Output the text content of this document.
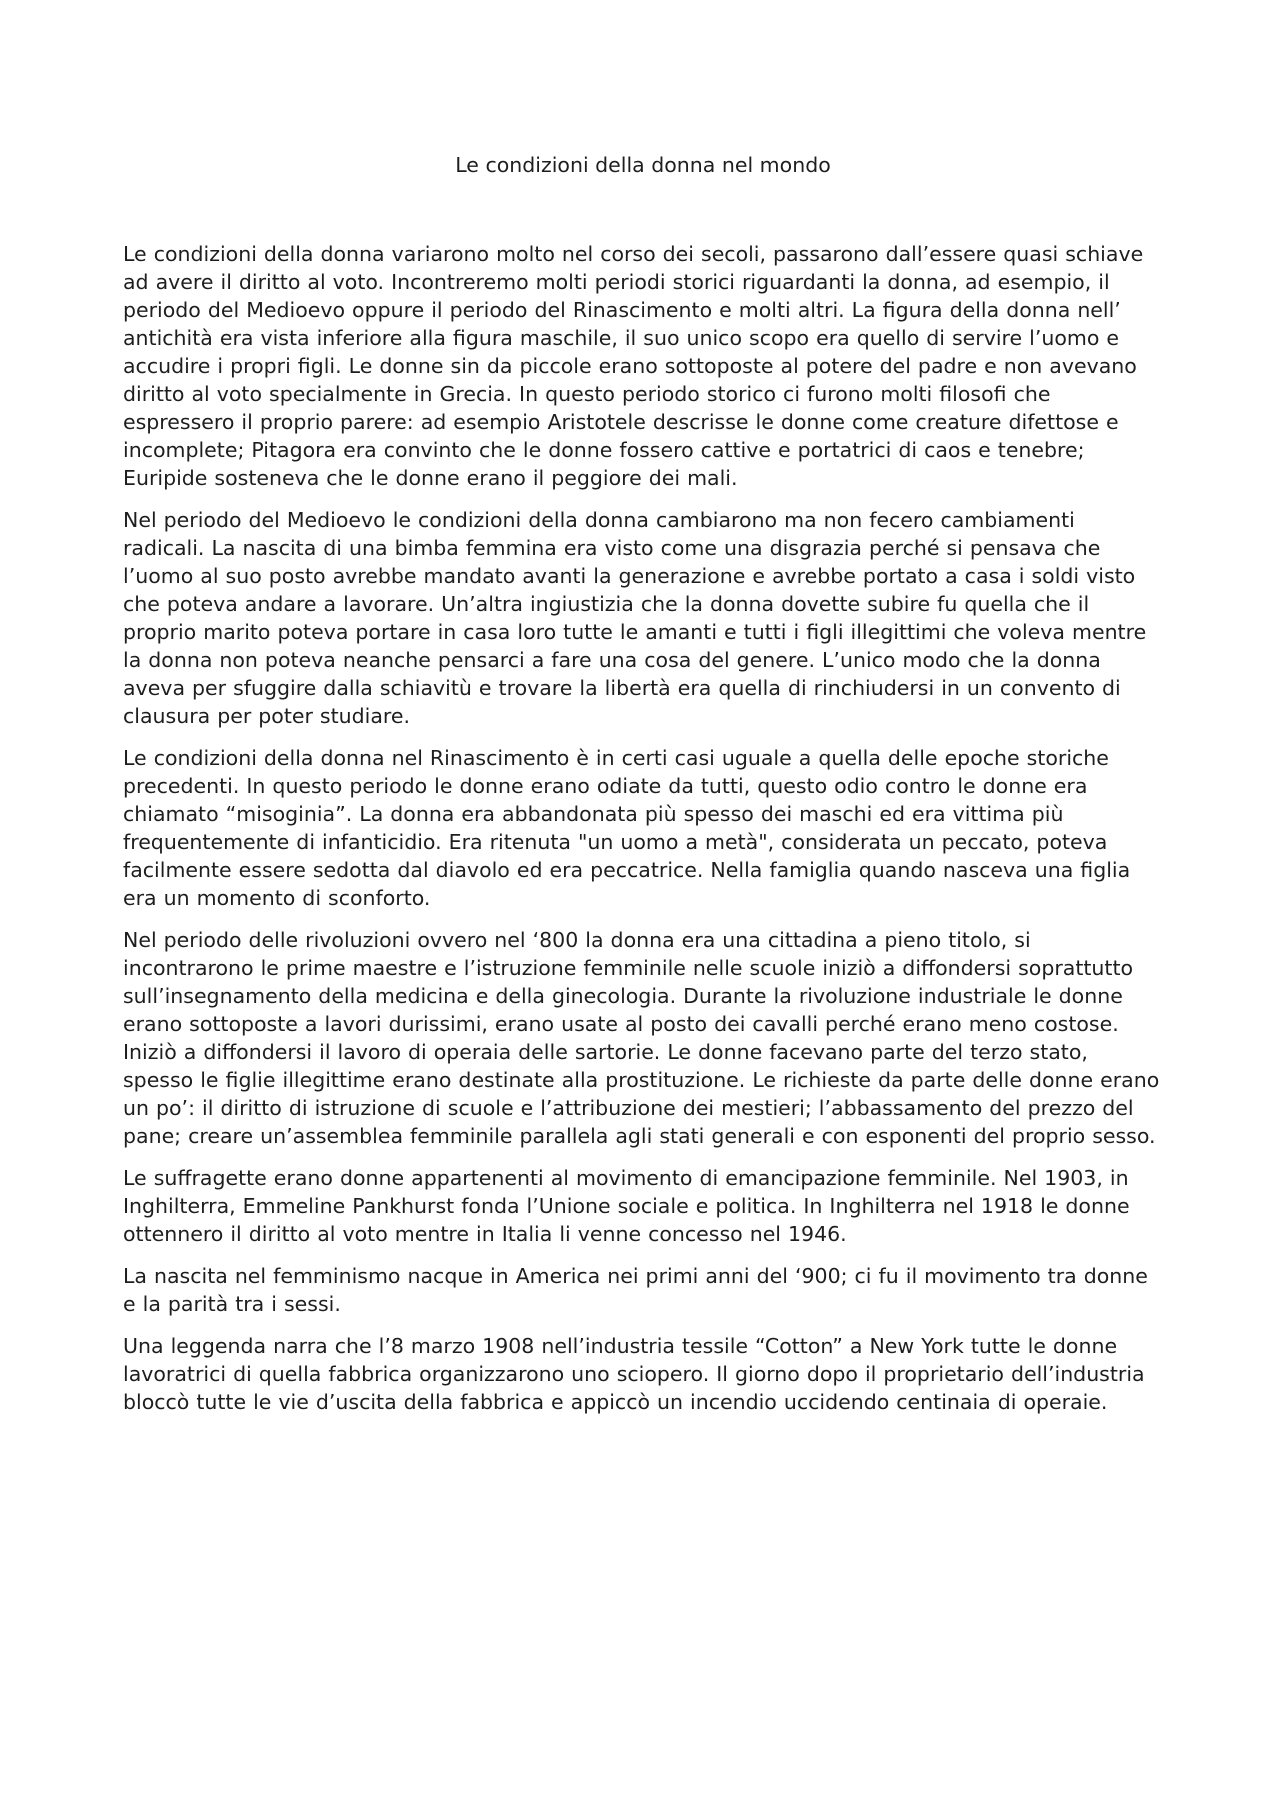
Le condizioni della donna nel mondo

Le condizioni della donna variarono molto nel corso dei secoli, passarono dall’essere quasi schiave ad avere il diritto al voto. Incontreremo molti periodi storici riguardanti la donna, ad esempio, il periodo del Medioevo oppure il periodo del Rinascimento e molti altri. La figura della donna nell’ antichità era vista inferiore alla figura maschile, il suo unico scopo era quello di servire l’uomo e accudire i propri figli. Le donne sin da piccole erano sottoposte al potere del padre e non avevano diritto al voto specialmente in Grecia. In questo periodo storico ci furono molti filosofi che espressero il proprio parere: ad esempio Aristotele descrisse le donne come creature difettose e incomplete; Pitagora era convinto che le donne fossero cattive e portatrici di caos e tenebre; Euripide sosteneva che le donne erano il peggiore dei mali.

Nel periodo del Medioevo le condizioni della donna cambiarono ma non fecero cambiamenti radicali. La nascita di una bimba femmina era visto come una disgrazia perché si pensava che l’uomo al suo posto avrebbe mandato avanti la generazione e avrebbe portato a casa i soldi visto che poteva andare a lavorare. Un’altra ingiustizia che la donna dovette subire fu quella che il proprio marito poteva portare in casa loro tutte le amanti e tutti i figli illegittimi che voleva mentre la donna non poteva neanche pensarci a fare una cosa del genere. L’unico modo che la donna aveva per sfuggire dalla schiavitù e trovare la libertà era quella di rinchiudersi in un convento di clausura per poter studiare.

Le condizioni della donna nel Rinascimento è in certi casi uguale a quella delle epoche storiche precedenti. In questo periodo le donne erano odiate da tutti, questo odio contro le donne era chiamato “misoginia”. La donna era abbandonata più spesso dei maschi ed era vittima più frequentemente di infanticidio. Era ritenuta "un uomo a metà", considerata un peccato, poteva facilmente essere sedotta dal diavolo ed era peccatrice. Nella famiglia quando nasceva una figlia era un momento di sconforto.

Nel periodo delle rivoluzioni ovvero nel ‘800 la donna era una cittadina a pieno titolo, si incontrarono le prime maestre e l’istruzione femminile nelle scuole iniziò a diffondersi soprattutto sull’insegnamento della medicina e della ginecologia. Durante la rivoluzione industriale le donne erano sottoposte a lavori durissimi, erano usate al posto dei cavalli perché erano meno costose. Iniziò a diffondersi il lavoro di operaia delle sartorie. Le donne facevano parte del terzo stato, spesso le figlie illegittime erano destinate alla prostituzione. Le richieste da parte delle donne erano un po’: il diritto di istruzione di scuole e l’attribuzione dei mestieri; l’abbassamento del prezzo del pane; creare un’assemblea femminile parallela agli stati generali e con esponenti del proprio sesso.

Le suffragette erano donne appartenenti al movimento di emancipazione femminile. Nel 1903, in Inghilterra, Emmeline Pankhurst fonda l’Unione sociale e politica. In Inghilterra nel 1918 le donne ottennero il diritto al voto mentre in Italia li venne concesso nel 1946.

La nascita nel femminismo nacque in America nei primi anni del ‘900; ci fu il movimento tra donne e la parità tra i sessi.

Una leggenda narra che l’8 marzo 1908 nell’industria tessile “Cotton” a New York tutte le donne lavoratrici di quella fabbrica organizzarono uno sciopero. Il giorno dopo il proprietario dell’industria bloccò tutte le vie d’uscita della fabbrica e appiccò un incendio uccidendo centinaia di operaie.
